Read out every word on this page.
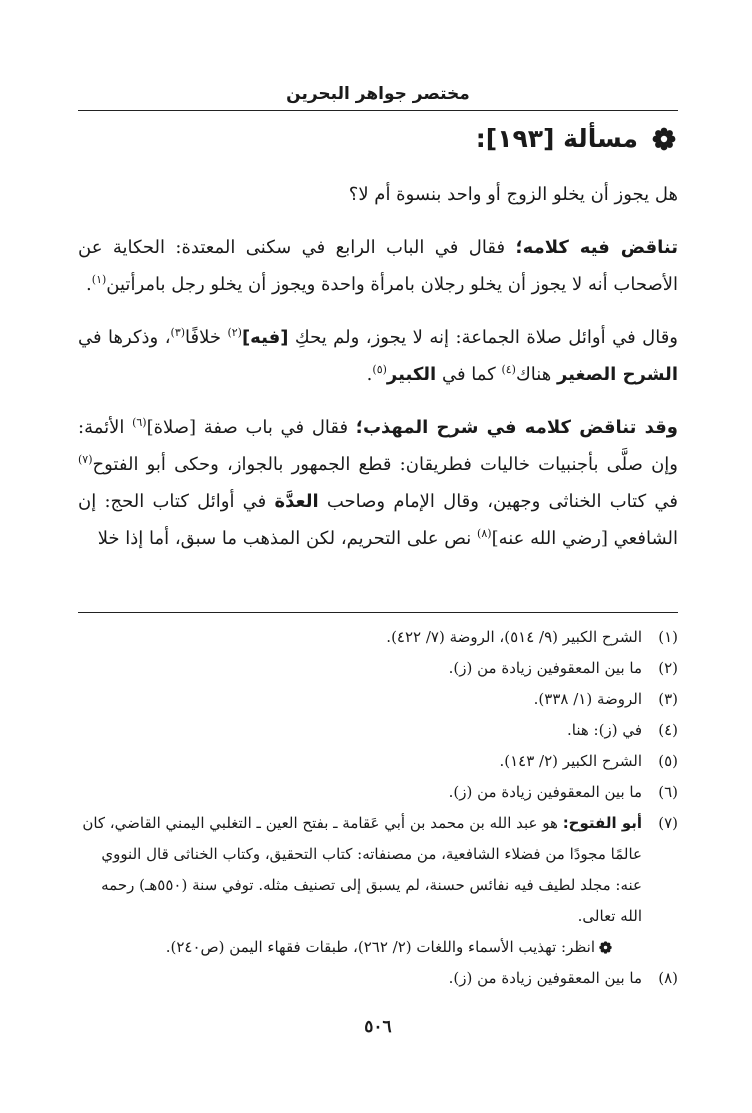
مختصر جواهر البحرين
مسألة [١٩٣]:

هل يجوز أن يخلو الزوج أو واحد بنسوة أم لا؟

تناقض فيه كلامه؛ فقال في الباب الرابع في سكنى المعتدة: الحكاية عن الأصحاب أنه لا يجوز أن يخلو رجلان بامرأة واحدة ويجوز أن يخلو رجل بامرأتين$^{(١)}$.

وقال في أوائل صلاة الجماعة: إنه لا يجوز، ولم يحكِ [فيه]$^{(٢)}$ خلافًا$^{(٣)}$، وذكرها في الشرح الصغير هناك$^{(٤)}$ كما في الكبير$^{(٥)}$.

وقد تناقض كلامه في شرح المهذب؛ فقال في باب صفة [صلاة]$^{(٦)}$ الأئمة: وإن صلَّى بأجنبيات خاليات فطريقان: قطع الجمهور بالجواز، وحكى أبو الفتوح$^{(٧)}$ في كتاب الخناثى وجهين، وقال الإمام وصاحب العدَّة في أوائل كتاب الحج: إن الشافعي [رضي الله عنه]$^{(٨)}$ نص على التحريم، لكن المذهب ما سبق، أما إذا خلا

(١)
الشرح الكبير (٩/ ٥١٤)، الروضة (٧/ ٤٢٢).
(٢)
ما بين المعقوفين زيادة من (ز).
(٣)
الروضة (١/ ٣٣٨).
(٤)
في (ز): هنا.
(٥)
الشرح الكبير (٢/ ١٤٣).
(٦)
ما بين المعقوفين زيادة من (ز).
(٧)
أبو الفتوح: هو عبد الله بن محمد بن أبي عَقامة ـ بفتح العين ـ التغلبي اليمني القاضي، كان عالمًا مجودًا من فضلاء الشافعية، من مصنفاته: كتاب التحقيق، وكتاب الخناثى قال النووي عنه: مجلد لطيف فيه نفائس حسنة، لم يسبق إلى تصنيف مثله. توفي سنة (٥٥٠هـ) رحمه الله تعالى.
انظر: تهذيب الأسماء واللغات (٢/ ٢٦٢)، طبقات فقهاء اليمن (ص٢٤٠).
(٨)
ما بين المعقوفين زيادة من (ز).
٥٠٦
